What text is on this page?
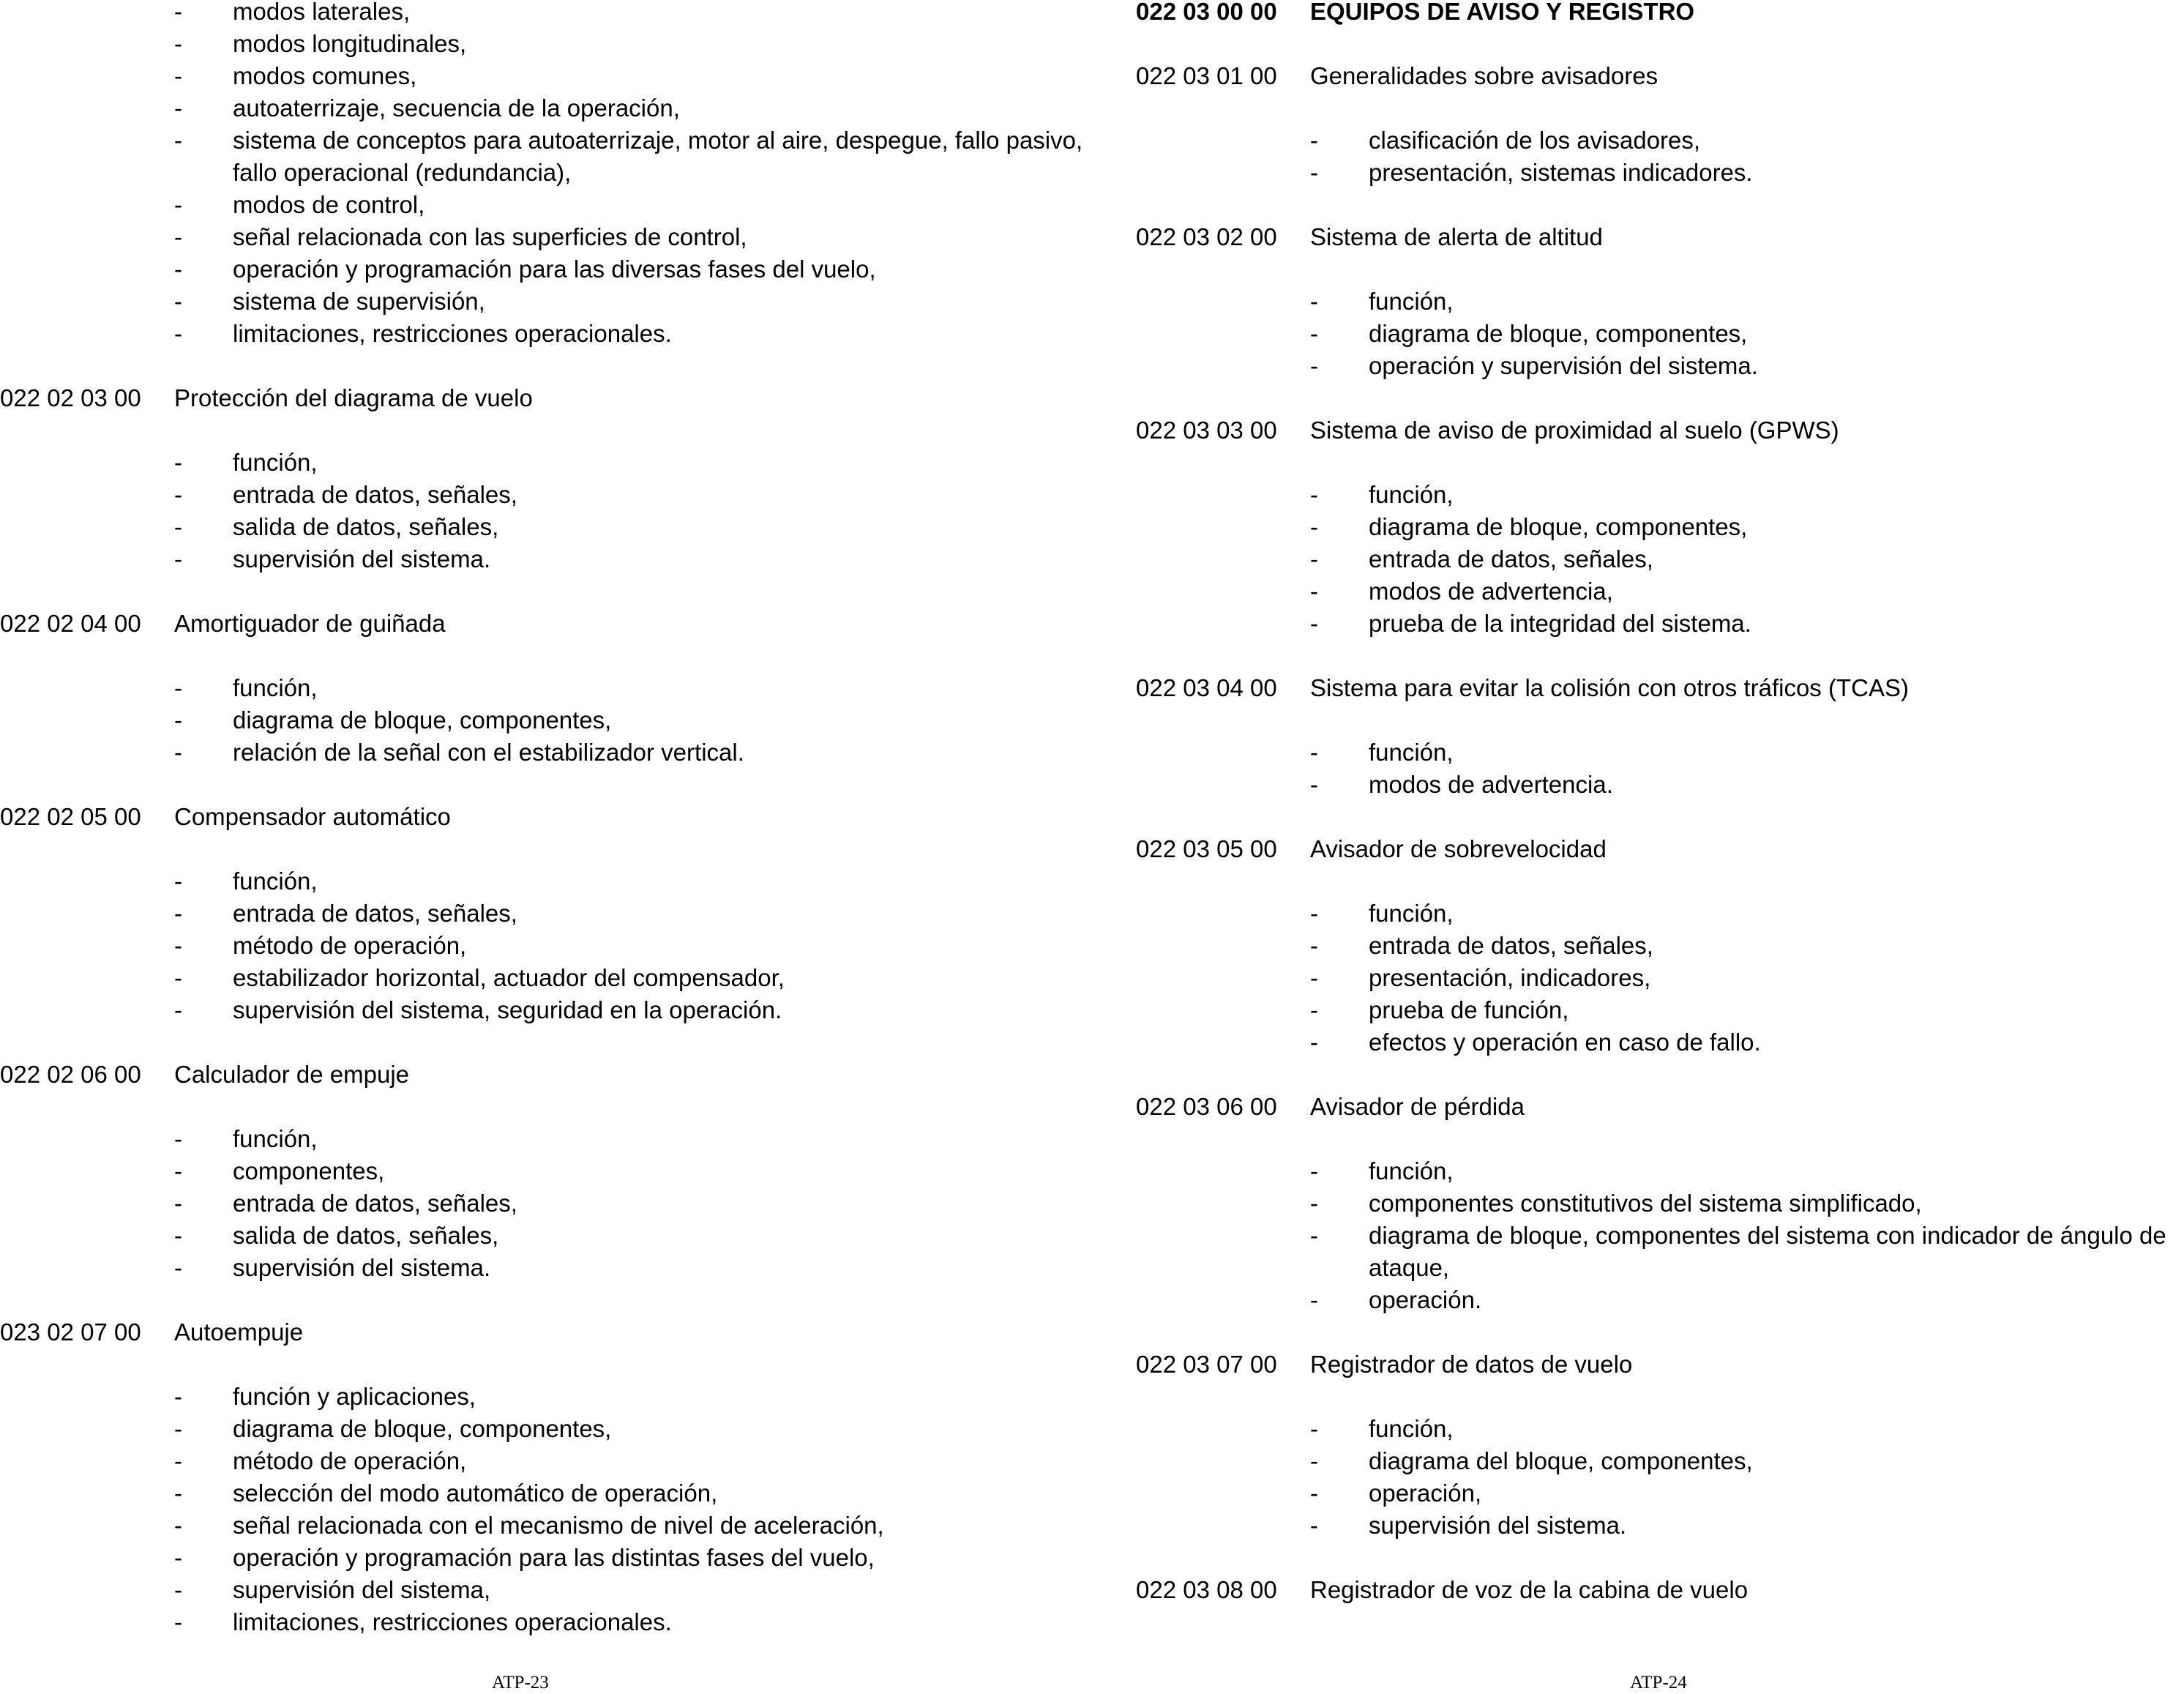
-	modos laterales,
-	modos longitudinales,
-	modos comunes,
-	autoaterrizaje, secuencia de la operación,
-	sistema de conceptos para autoaterrizaje, motor al aire, despegue, fallo pasivo, fallo operacional (redundancia),
-	modos de control,
-	señal relacionada con las superficies de control,
-	operación y programación para las diversas fases del vuelo,
-	sistema de supervisión,
-	limitaciones, restricciones operacionales.
022 02 03 00	Protección del diagrama de vuelo
-	función,
-	entrada de datos, señales,
-	salida de datos, señales,
-	supervisión del sistema.
022 02 04 00	Amortiguador de guiñada
-	función,
-	diagrama de bloque, componentes,
-	relación de la señal con el estabilizador vertical.
022 02 05 00	Compensador automático
-	función,
-	entrada de datos, señales,
-	método de operación,
-	estabilizador horizontal, actuador del compensador,
-	supervisión del sistema, seguridad en la operación.
022 02 06 00	Calculador de empuje
-	función,
-	componentes,
-	entrada de datos, señales,
-	salida de datos, señales,
-	supervisión del sistema.
023 02 07 00	Autoempuje
-	función y aplicaciones,
-	diagrama de bloque, componentes,
-	método de operación,
-	selección del modo automático de operación,
-	señal relacionada con el mecanismo de nivel de aceleración,
-	operación y programación para las distintas fases del vuelo,
-	supervisión del sistema,
-	limitaciones, restricciones operacionales.
ATP-23
022 03 00 00	EQUIPOS DE AVISO Y REGISTRO
022 03 01 00	Generalidades sobre avisadores
-	clasificación de los avisadores,
-	presentación, sistemas indicadores.
022 03 02 00	Sistema de alerta de altitud
-	función,
-	diagrama de bloque, componentes,
-	operación y supervisión del sistema.
022 03 03 00	Sistema de aviso de proximidad al suelo (GPWS)
-	función,
-	diagrama de bloque, componentes,
-	entrada de datos, señales,
-	modos de advertencia,
-	prueba de la integridad del sistema.
022 03 04 00	Sistema para evitar la colisión con otros tráficos (TCAS)
-	función,
-	modos de advertencia.
022 03 05 00	Avisador de sobrevelocidad
-	función,
-	entrada de datos, señales,
-	presentación, indicadores,
-	prueba de función,
-	efectos y operación en caso de fallo.
022 03 06 00	Avisador de pérdida
-	función,
-	componentes constitutivos del sistema simplificado,
-	diagrama de bloque, componentes del sistema con indicador de ángulo de
ataque,
-	operación.
022 03 07 00	Registrador de datos de vuelo
-	función,
-	diagrama del bloque, componentes,
-	operación,
-	supervisión del sistema.
022 03 08 00	Registrador de voz de la cabina de vuelo
ATP-24
